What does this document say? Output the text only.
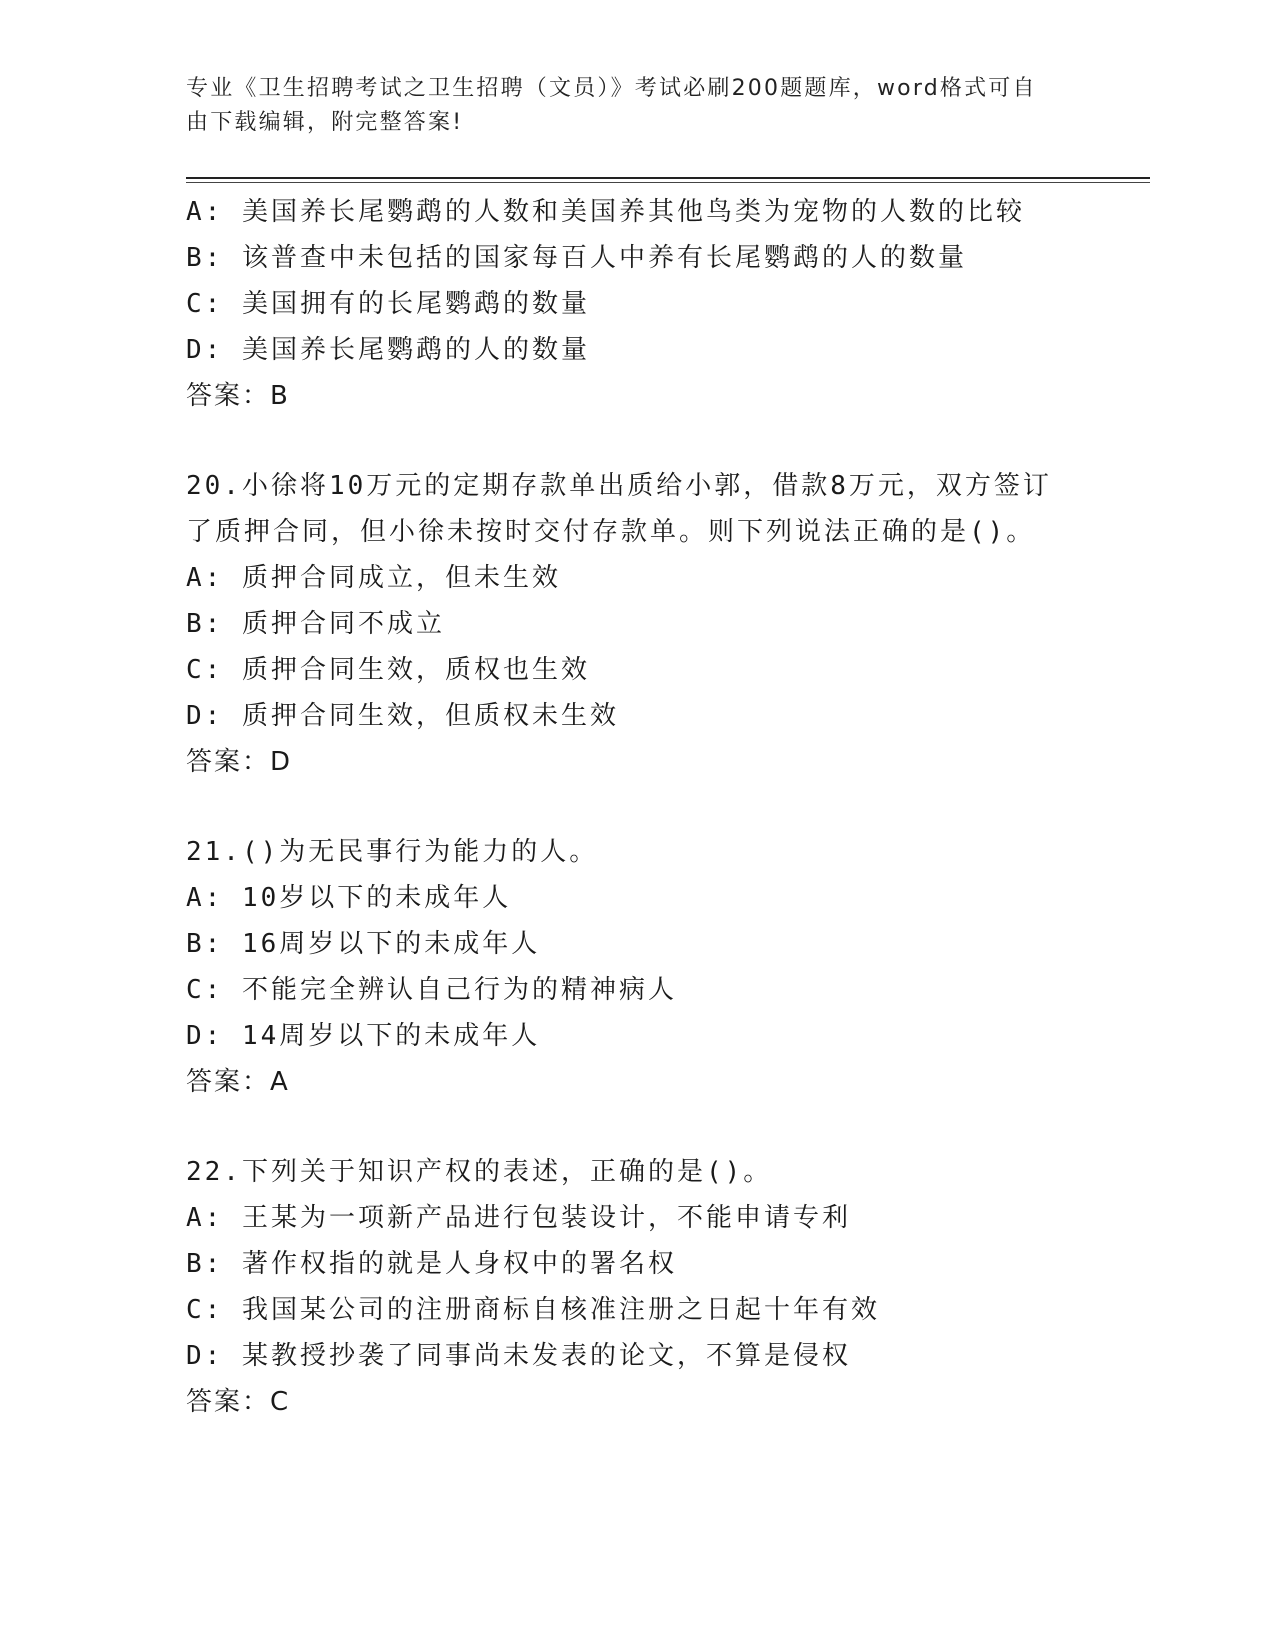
专业《卫生招聘考试之卫生招聘（文员）》考试必刷200题题库，word格式可自
由下载编辑，附完整答案!
A: 美国养长尾鹦鹉的人数和美国养其他鸟类为宠物的人数的比较
B: 该普查中未包括的国家每百人中养有长尾鹦鹉的人的数量
C: 美国拥有的长尾鹦鹉的数量
D: 美国养长尾鹦鹉的人的数量
答案：B
20.小徐将10万元的定期存款单出质给小郭，借款8万元，双方签订
了质押合同，但小徐未按时交付存款单。则下列说法正确的是()。
A: 质押合同成立，但未生效
B: 质押合同不成立
C: 质押合同生效，质权也生效
D: 质押合同生效，但质权未生效
答案：D
21.()为无民事行为能力的人。
A: 10岁以下的未成年人
B: 16周岁以下的未成年人
C: 不能完全辨认自己行为的精神病人
D: 14周岁以下的未成年人
答案：A
22.下列关于知识产权的表述，正确的是()。
A: 王某为一项新产品进行包装设计，不能申请专利
B: 著作权指的就是人身权中的署名权
C: 我国某公司的注册商标自核准注册之日起十年有效
D: 某教授抄袭了同事尚未发表的论文，不算是侵权
答案：C
